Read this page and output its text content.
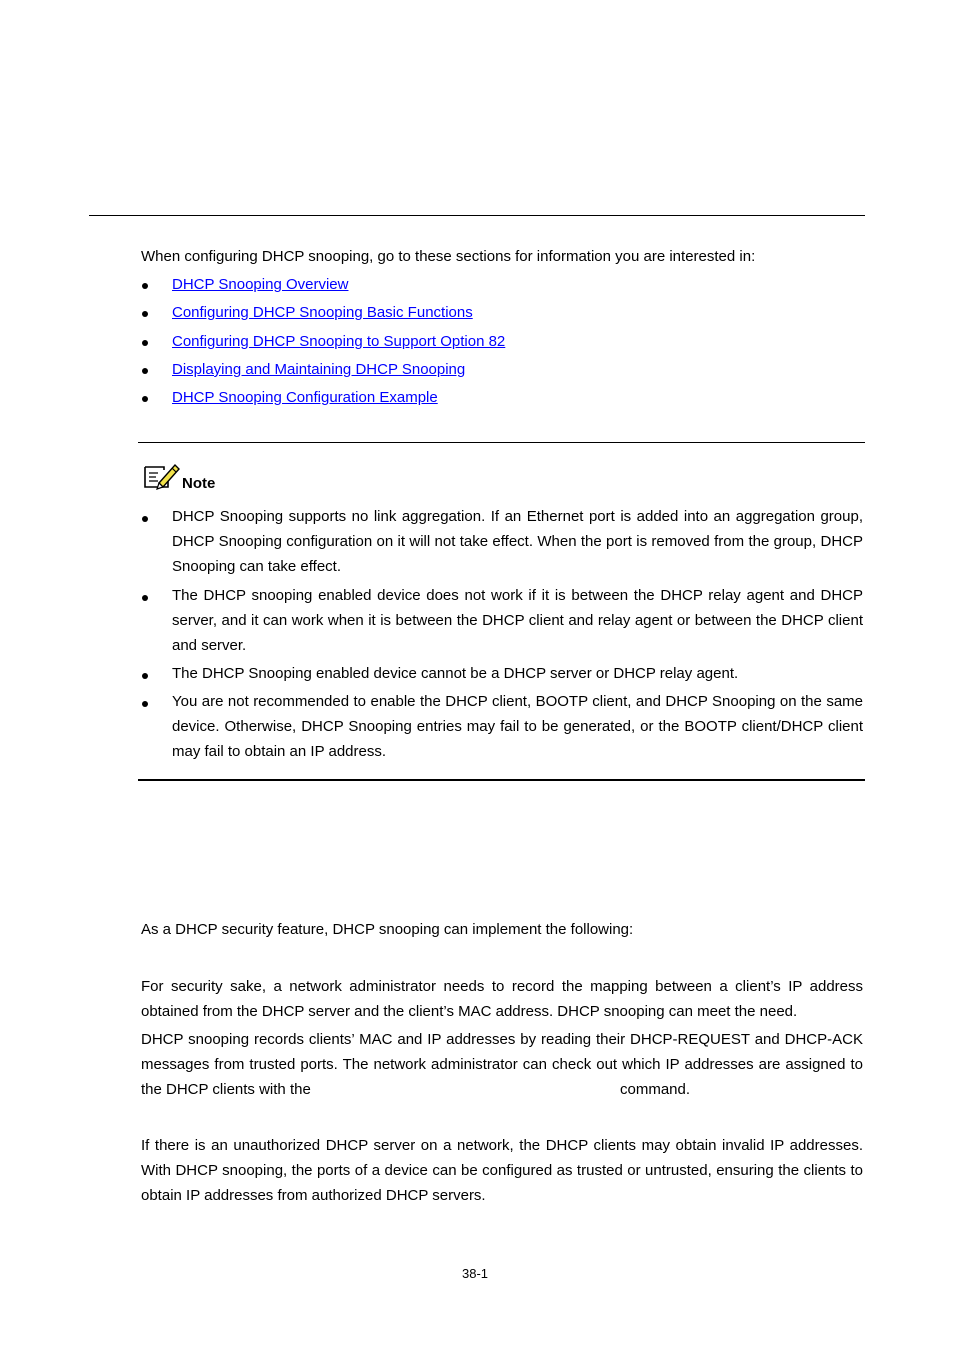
When configuring DHCP snooping, go to these sections for information you are interested in:
DHCP Snooping Overview
Configuring DHCP Snooping Basic Functions
Configuring DHCP Snooping to Support Option 82
Displaying and Maintaining DHCP Snooping
DHCP Snooping Configuration Example
Note
DHCP Snooping supports no link aggregation. If an Ethernet port is added into an aggregation group, DHCP Snooping configuration on it will not take effect. When the port is removed from the group, DHCP Snooping can take effect.
The DHCP snooping enabled device does not work if it is between the DHCP relay agent and DHCP server, and it can work when it is between the DHCP client and relay agent or between the DHCP client and server.
The DHCP Snooping enabled device cannot be a DHCP server or DHCP relay agent.
You are not recommended to enable the DHCP client, BOOTP client, and DHCP Snooping on the same device. Otherwise, DHCP Snooping entries may fail to be generated, or the BOOTP client/DHCP client may fail to obtain an IP address.
As a DHCP security feature, DHCP snooping can implement the following:
For security sake, a network administrator needs to record the mapping between a client’s IP address obtained from the DHCP server and the client’s MAC address. DHCP snooping can meet the need.
DHCP snooping records clients’ MAC and IP addresses by reading their DHCP-REQUEST and DHCP-ACK messages from trusted ports. The network administrator can check out which IP addresses are assigned to the DHCP clients with the	command.
If there is an unauthorized DHCP server on a network, the DHCP clients may obtain invalid IP addresses. With DHCP snooping, the ports of a device can be configured as trusted or untrusted, ensuring the clients to obtain IP addresses from authorized DHCP servers.
38-1
